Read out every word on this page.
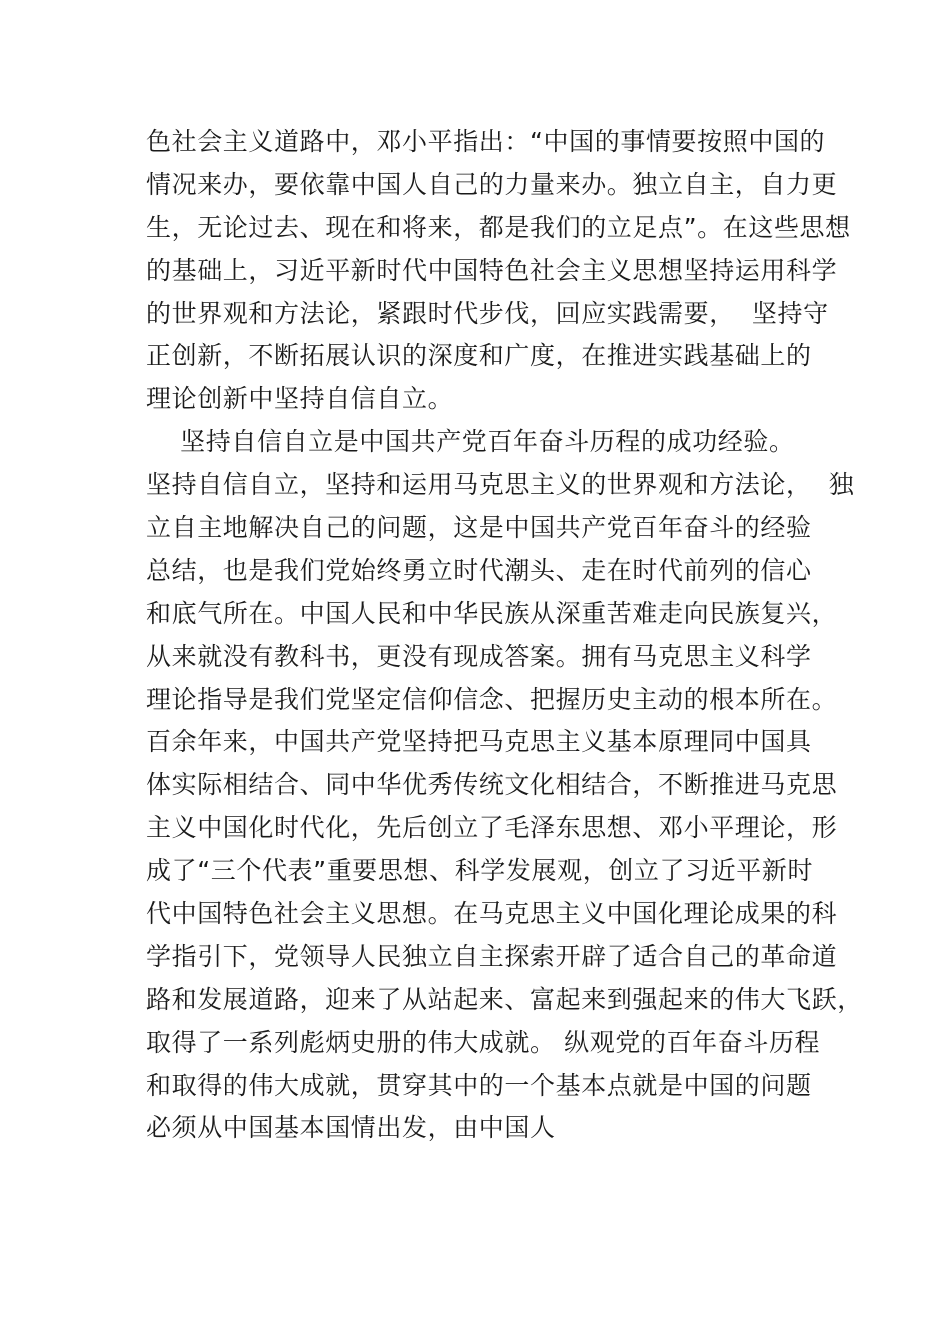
色社会主义道路中，邓小平指出：“中国的事情要按照中国的
情况来办，要依靠中国人自己的力量来办。独立自主，自力更
生，无论过去、现在和将来，都是我们的立足点”。在这些思想
的基础上，习近平新时代中国特色社会主义思想坚持运用科学
的世界观和方法论，紧跟时代步伐，回应实践需要，  坚持守
正创新，不断拓展认识的深度和广度，在推进实践基础上的
理论创新中坚持自信自立。
坚持自信自立是中国共产党百年奋斗历程的成功经验。
坚持自信自立，坚持和运用马克思主义的世界观和方法论，  独
立自主地解决自己的问题，这是中国共产党百年奋斗的经验
总结，也是我们党始终勇立时代潮头、走在时代前列的信心
和底气所在。中国人民和中华民族从深重苦难走向民族复兴，
从来就没有教科书，更没有现成答案。拥有马克思主义科学
理论指导是我们党坚定信仰信念、把握历史主动的根本所在。
百余年来，中国共产党坚持把马克思主义基本原理同中国具
体实际相结合、同中华优秀传统文化相结合，不断推进马克思
主义中国化时代化，先后创立了毛泽东思想、邓小平理论，形
成了“三个代表”重要思想、科学发展观，创立了习近平新时
代中国特色社会主义思想。在马克思主义中国化理论成果的科
学指引下，党领导人民独立自主探索开辟了适合自己的革命道
路和发展道路，迎来了从站起来、富起来到强起来的伟大飞跃，
取得了一系列彪炳史册的伟大成就。 纵观党的百年奋斗历程
和取得的伟大成就，贯穿其中的一个基本点就是中国的问题
必须从中国基本国情出发，由中国人
